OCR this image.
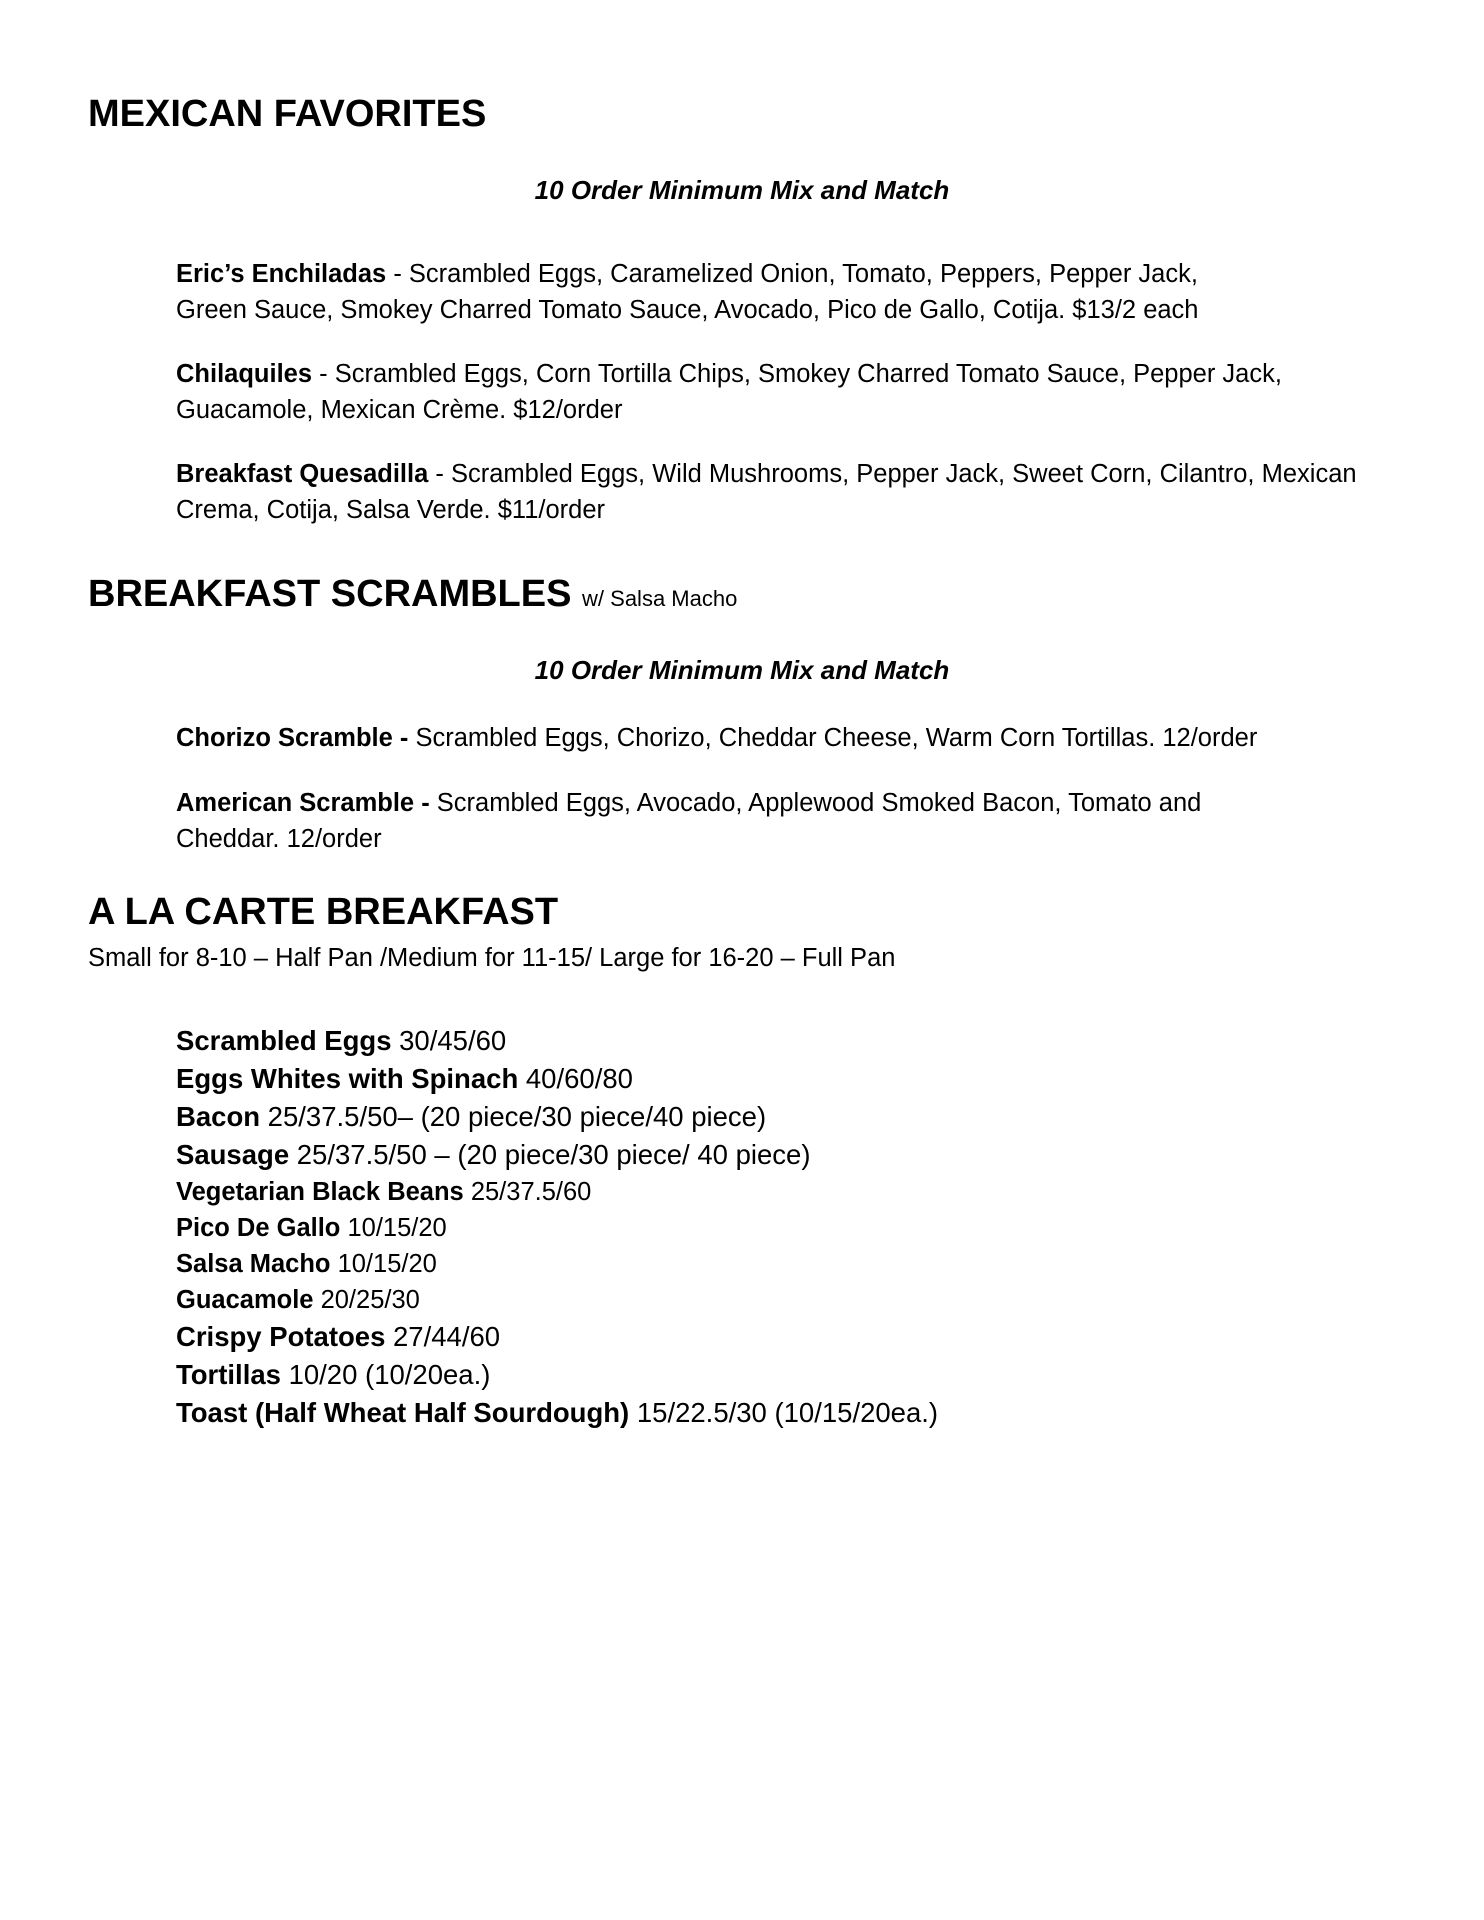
MEXICAN FAVORITES
10 Order Minimum Mix and Match
Eric’s Enchiladas - Scrambled Eggs, Caramelized Onion, Tomato, Peppers, Pepper Jack,
Green Sauce, Smokey Charred Tomato Sauce, Avocado, Pico de Gallo, Cotija. $13/2 each
Chilaquiles - Scrambled Eggs, Corn Tortilla Chips, Smokey Charred Tomato Sauce, Pepper Jack,
Guacamole, Mexican Crème. $12/order
Breakfast Quesadilla - Scrambled Eggs, Wild Mushrooms, Pepper Jack, Sweet Corn, Cilantro, Mexican
Crema, Cotija, Salsa Verde. $11/order
BREAKFAST SCRAMBLES w/ Salsa Macho
10 Order Minimum Mix and Match
Chorizo Scramble - Scrambled Eggs, Chorizo, Cheddar Cheese, Warm Corn Tortillas. 12/order
American Scramble - Scrambled Eggs, Avocado, Applewood Smoked Bacon, Tomato and
Cheddar. 12/order
A LA CARTE BREAKFAST
Small for 8-10 – Half Pan /Medium for 11-15/ Large for 16-20 – Full Pan
Scrambled Eggs 30/45/60
Eggs Whites with Spinach 40/60/80
Bacon 25/37.5/50– (20 piece/30 piece/40 piece)
Sausage 25/37.5/50 – (20 piece/30 piece/ 40 piece)
Vegetarian Black Beans 25/37.5/60
Pico De Gallo 10/15/20
Salsa Macho 10/15/20
Guacamole 20/25/30
Crispy Potatoes 27/44/60
Tortillas 10/20 (10/20ea.)
Toast (Half Wheat Half Sourdough) 15/22.5/30 (10/15/20ea.)
